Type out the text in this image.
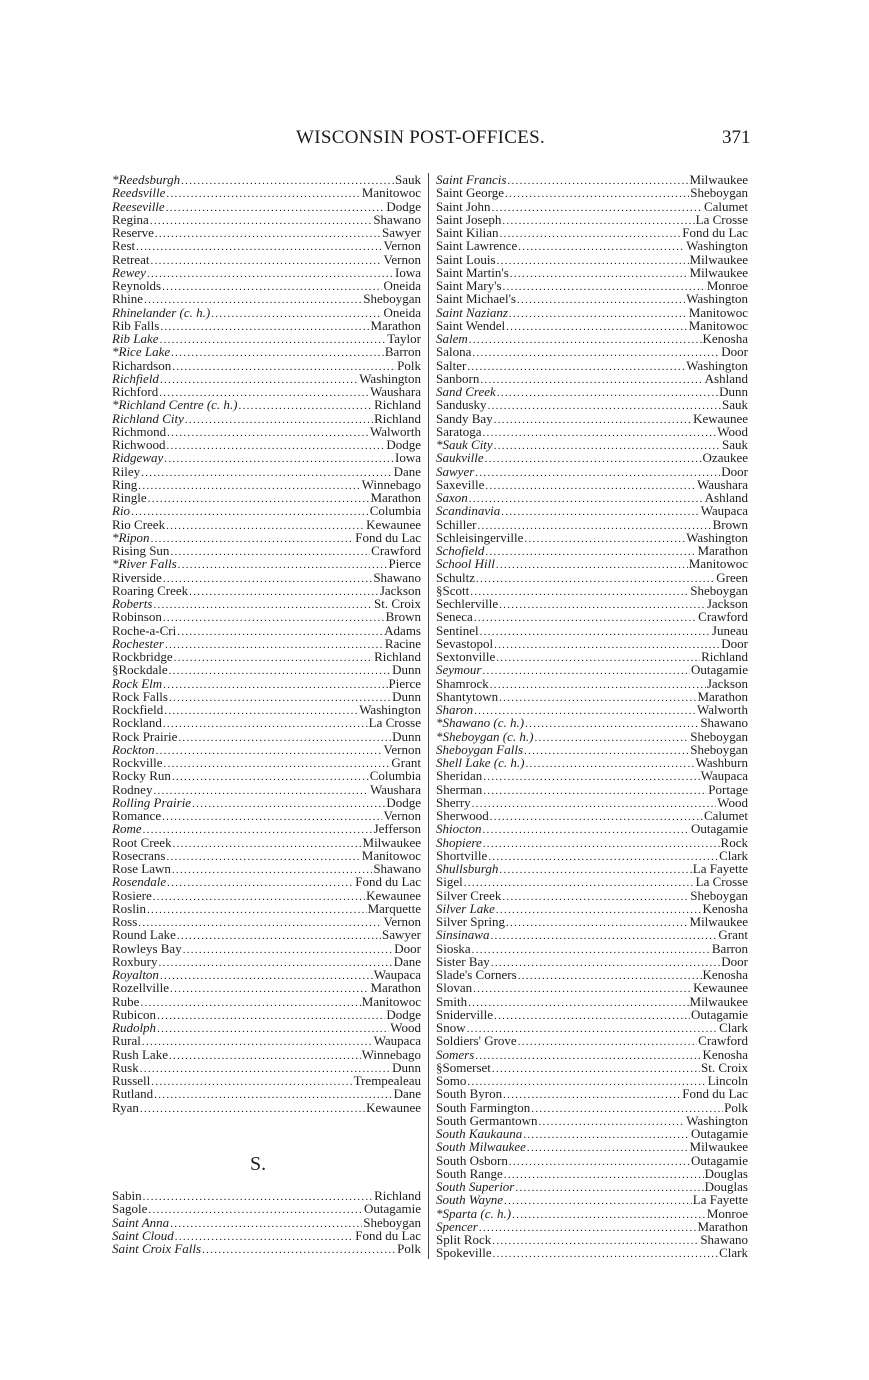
WISCONSIN POST-OFFICES.	371
*Reedsburgh .....	Sauk
Reedsville .....	Manitowoc
Reeseville .....	Dodge
Regina .....	Shawano
Reserve .....	Sawyer
Rest .....	Vernon
Retreat .....	Vernon
Rewey .....	Iowa
Reynolds .....	Oneida
Rhine .....	Sheboygan
Rhinelander (c. h.) .....	Oneida
Rib Falls .....	Marathon
Rib Lake .....	Taylor
*Rice Lake .....	Barron
Richardson .....	Polk
Richfield .....	Washington
Richford .....	Waushara
*Richland Centre (c. h.) .....	Richland
Richland City .....	Richland
Richmond .....	Walworth
Richwood .....	Dodge
Ridgeway .....	Iowa
Riley .....	Dane
Ring .....	Winnebago
Ringle .....	Marathon
Rio .....	Columbia
Rio Creek .....	Kewaunee
*Ripon .....	Fond du Lac
Rising Sun .....	Crawford
*River Falls .....	Pierce
Riverside .....	Shawano
Roaring Creek .....	Jackson
Roberts .....	St. Croix
Robinson .....	Brown
Roche-a-Cri .....	Adams
Rochester .....	Racine
Rockbridge .....	Richland
§Rockdale .....	Dunn
Rock Elm .....	Pierce
Rock Falls .....	Dunn
Rockfield .....	Washington
Rockland .....	La Crosse
Rock Prairie .....	Dunn
Rockton .....	Vernon
Rockville .....	Grant
Rocky Run .....	Columbia
Rodney .....	Waushara
Rolling Prairie .....	Dodge
Romance .....	Vernon
Rome .....	Jefferson
Root Creek .....	Milwaukee
Rosecrans .....	Manitowoc
Rose Lawn .....	Shawano
Rosendale .....	Fond du Lac
Rosiere .....	Kewaunee
Roslin .....	Marquette
Ross .....	Vernon
Round Lake .....	Sawyer
Rowleys Bay .....	Door
Roxbury .....	Dane
Royalton .....	Waupaca
Rozellville .....	Marathon
Rube .....	Manitowoc
Rubicon .....	Dodge
Rudolph .....	Wood
Rural .....	Waupaca
Rush Lake .....	Winnebago
Rusk .....	Dunn
Russell .....	Trempealeau
Rutland .....	Dane
Ryan .....	Kewaunee
Saint Francis .....	Milwaukee
Saint George .....	Sheboygan
Saint John .....	Calumet
Saint Joseph .....	La Crosse
Saint Kilian .....	Fond du Lac
Saint Lawrence .....	Washington
Saint Louis .....	Milwaukee
Saint Martin's .....	Milwaukee
Saint Mary's .....	Monroe
Saint Michael's .....	Washington
Saint Nazianz .....	Manitowoc
Saint Wendel .....	Manitowoc
Salem .....	Kenosha
Salona .....	Door
Salter .....	Washington
Sanborn .....	Ashland
Sand Creek .....	Dunn
Sandusky .....	Sauk
Sandy Bay .....	Kewaunee
Saratoga .....	Wood
*Sauk City .....	Sauk
Saukville .....	Ozaukee
Sawyer .....	Door
Saxeville .....	Waushara
Saxon .....	Ashland
Scandinavia .....	Waupaca
Schiller .....	Brown
Schleisingerville .....	Washington
Schofield .....	Marathon
School Hill .....	Manitowoc
Schultz .....	Green
§Scott .....	Sheboygan
Sechlerville .....	Jackson
Seneca .....	Crawford
Sentinel .....	Juneau
Sevastopol .....	Door
Sextonville .....	Richland
Seymour .....	Outagamie
Shamrock .....	Jackson
Shantytown .....	Marathon
Sharon .....	Walworth
*Shawano (c. h.) .....	Shawano
*Sheboygan (c. h.) .....	Sheboygan
Sheboygan Falls .....	Sheboygan
Shell Lake (c. h.) .....	Washburn
Sheridan .....	Waupaca
Sherman .....	Portage
Sherry .....	Wood
Sherwood .....	Calumet
Shiocton .....	Outagamie
Shopiere .....	Rock
Shortville .....	Clark
Shullsburgh .....	La Fayette
Sigel .....	La Crosse
Silver Creek .....	Sheboygan
Silver Lake .....	Kenosha
Silver Spring .....	Milwaukee
Sinsinawa .....	Grant
Sioska .....	Barron
Sister Bay .....	Door
Slade's Corners .....	Kenosha
Slovan .....	Kewaunee
Smith .....	Milwaukee
Sniderville .....	Outagamie
Snow .....	Clark
Soldiers' Grove .....	Crawford
Somers .....	Kenosha
§Somerset .....	St. Croix
Somo .....	Lincoln
South Byron .....	Fond du Lac
South Farmington .....	Polk
South Germantown .....	Washington
South Kaukauna .....	Outagamie
South Milwaukee .....	Milwaukee
South Osborn .....	Outagamie
South Range .....	Douglas
South Superior .....	Douglas
South Wayne .....	La Fayette
*Sparta (c. h.) .....	Monroe
Spencer .....	Marathon
Split Rock .....	Shawano
Spokeville .....	Clark
S.
Sabin .....	Richland
Sagole .....	Outagamie
Saint Anna .....	Sheboygan
Saint Cloud .....	Fond du Lac
Saint Croix Falls .....	Polk
